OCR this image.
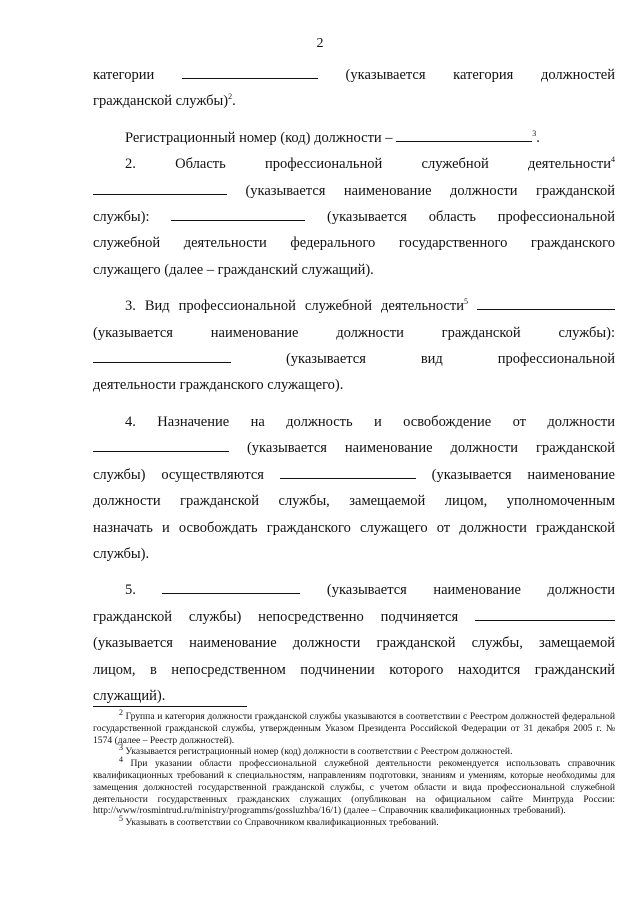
2

категории	(указывается категория должностей

гражданской службы)$^2$.

Регистрационный номер (код) должности –	$^3$.

2. Область профессиональной служебной деятельности$^4$

(указывается наименование должности гражданской

службы):	(указывается область профессиональной

служебной деятельности федерального государственного гражданского

служащего (далее – гражданский служащий).

3. Вид профессиональной служебной деятельности$^5$

(указывается наименование должности гражданской службы):

(указывается вид профессиональной

деятельности гражданского служащего).

4. Назначение на должность и освобождение от должности

(указывается наименование должности гражданской

службы) осуществляются	(указывается наименование

должности гражданской службы, замещаемой лицом, уполномоченным

назначать и освобождать гражданского служащего от должности гражданской

службы).

5.	(указывается наименование должности

гражданской службы) непосредственно подчиняется

(указывается наименование должности гражданской службы, замещаемой

лицом, в непосредственном подчинении которого находится гражданский

служащий).

$^2$ Группа и категория должности гражданской службы указываются в соответствии с Реестром должностей федеральной государственной гражданской службы, утвержденным Указом Президента Российской Федерации от 31 декабря 2005 г. № 1574 (далее – Реестр должностей).

$^3$ Указывается регистрационный номер (код) должности в соответствии с Реестром должностей.

$^4$ При указании области профессиональной служебной деятельности рекомендуется использовать справочник квалификационных требований к специальностям, направлениям подготовки, знаниям и умениям, которые необходимы для замещения должностей государственной гражданской службы, с учетом области и вида профессиональной служебной деятельности государственных гражданских служащих (опубликован на официальном сайте Минтруда России: http://www/rosmintrud.ru/ministry/programms/gossluzhba/16/1) (далее – Справочник квалификационных требований).

$^5$ Указывать в соответствии со Справочником квалификационных требований.
